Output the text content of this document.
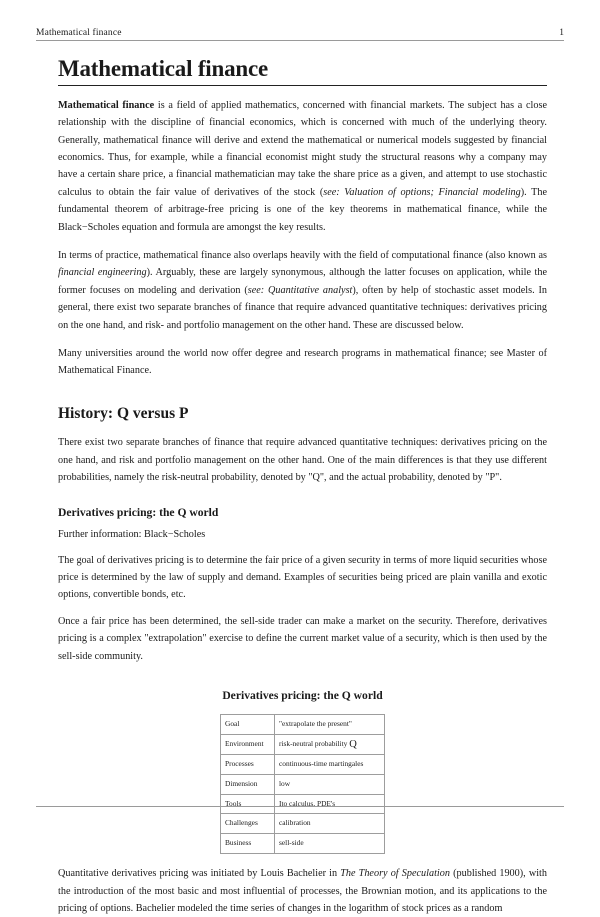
Mathematical finance	1
Mathematical finance

Mathematical finance is a field of applied mathematics, concerned with financial markets. The subject has a close relationship with the discipline of financial economics, which is concerned with much of the underlying theory. Generally, mathematical finance will derive and extend the mathematical or numerical models suggested by financial economics. Thus, for example, while a financial economist might study the structural reasons why a company may have a certain share price, a financial mathematician may take the share price as a given, and attempt to use stochastic calculus to obtain the fair value of derivatives of the stock (see: Valuation of options; Financial modeling). The fundamental theorem of arbitrage-free pricing is one of the key theorems in mathematical finance, while the Black−Scholes equation and formula are amongst the key results.

In terms of practice, mathematical finance also overlaps heavily with the field of computational finance (also known as financial engineering). Arguably, these are largely synonymous, although the latter focuses on application, while the former focuses on modeling and derivation (see: Quantitative analyst), often by help of stochastic asset models. In general, there exist two separate branches of finance that require advanced quantitative techniques: derivatives pricing on the one hand, and risk- and portfolio management on the other hand. These are discussed below.

Many universities around the world now offer degree and research programs in mathematical finance; see Master of Mathematical Finance.

History: Q versus P

There exist two separate branches of finance that require advanced quantitative techniques: derivatives pricing on the one hand, and risk and portfolio management on the other hand. One of the main differences is that they use different probabilities, namely the risk-neutral probability, denoted by "Q", and the actual probability, denoted by "P".

Derivatives pricing: the Q world

Further information: Black−Scholes

The goal of derivatives pricing is to determine the fair price of a given security in terms of more liquid securities whose price is determined by the law of supply and demand. Examples of securities being priced are plain vanilla and exotic options, convertible bonds, etc.

Once a fair price has been determined, the sell-side trader can make a market on the security. Therefore, derivatives pricing is a complex "extrapolation" exercise to define the current market value of a security, which is then used by the sell-side community.

Derivatives pricing: the Q world
Goal	"extrapolate the present"
Environment	risk-neutral probability Q
Processes	continuous-time martingales
Dimension	low
Tools	Ito calculus, PDE's
Challenges	calibration
Business	sell-side

Quantitative derivatives pricing was initiated by Louis Bachelier in The Theory of Speculation (published 1900), with the introduction of the most basic and most influential of processes, the Brownian motion, and its applications to the pricing of options. Bachelier modeled the time series of changes in the logarithm of stock prices as a random
